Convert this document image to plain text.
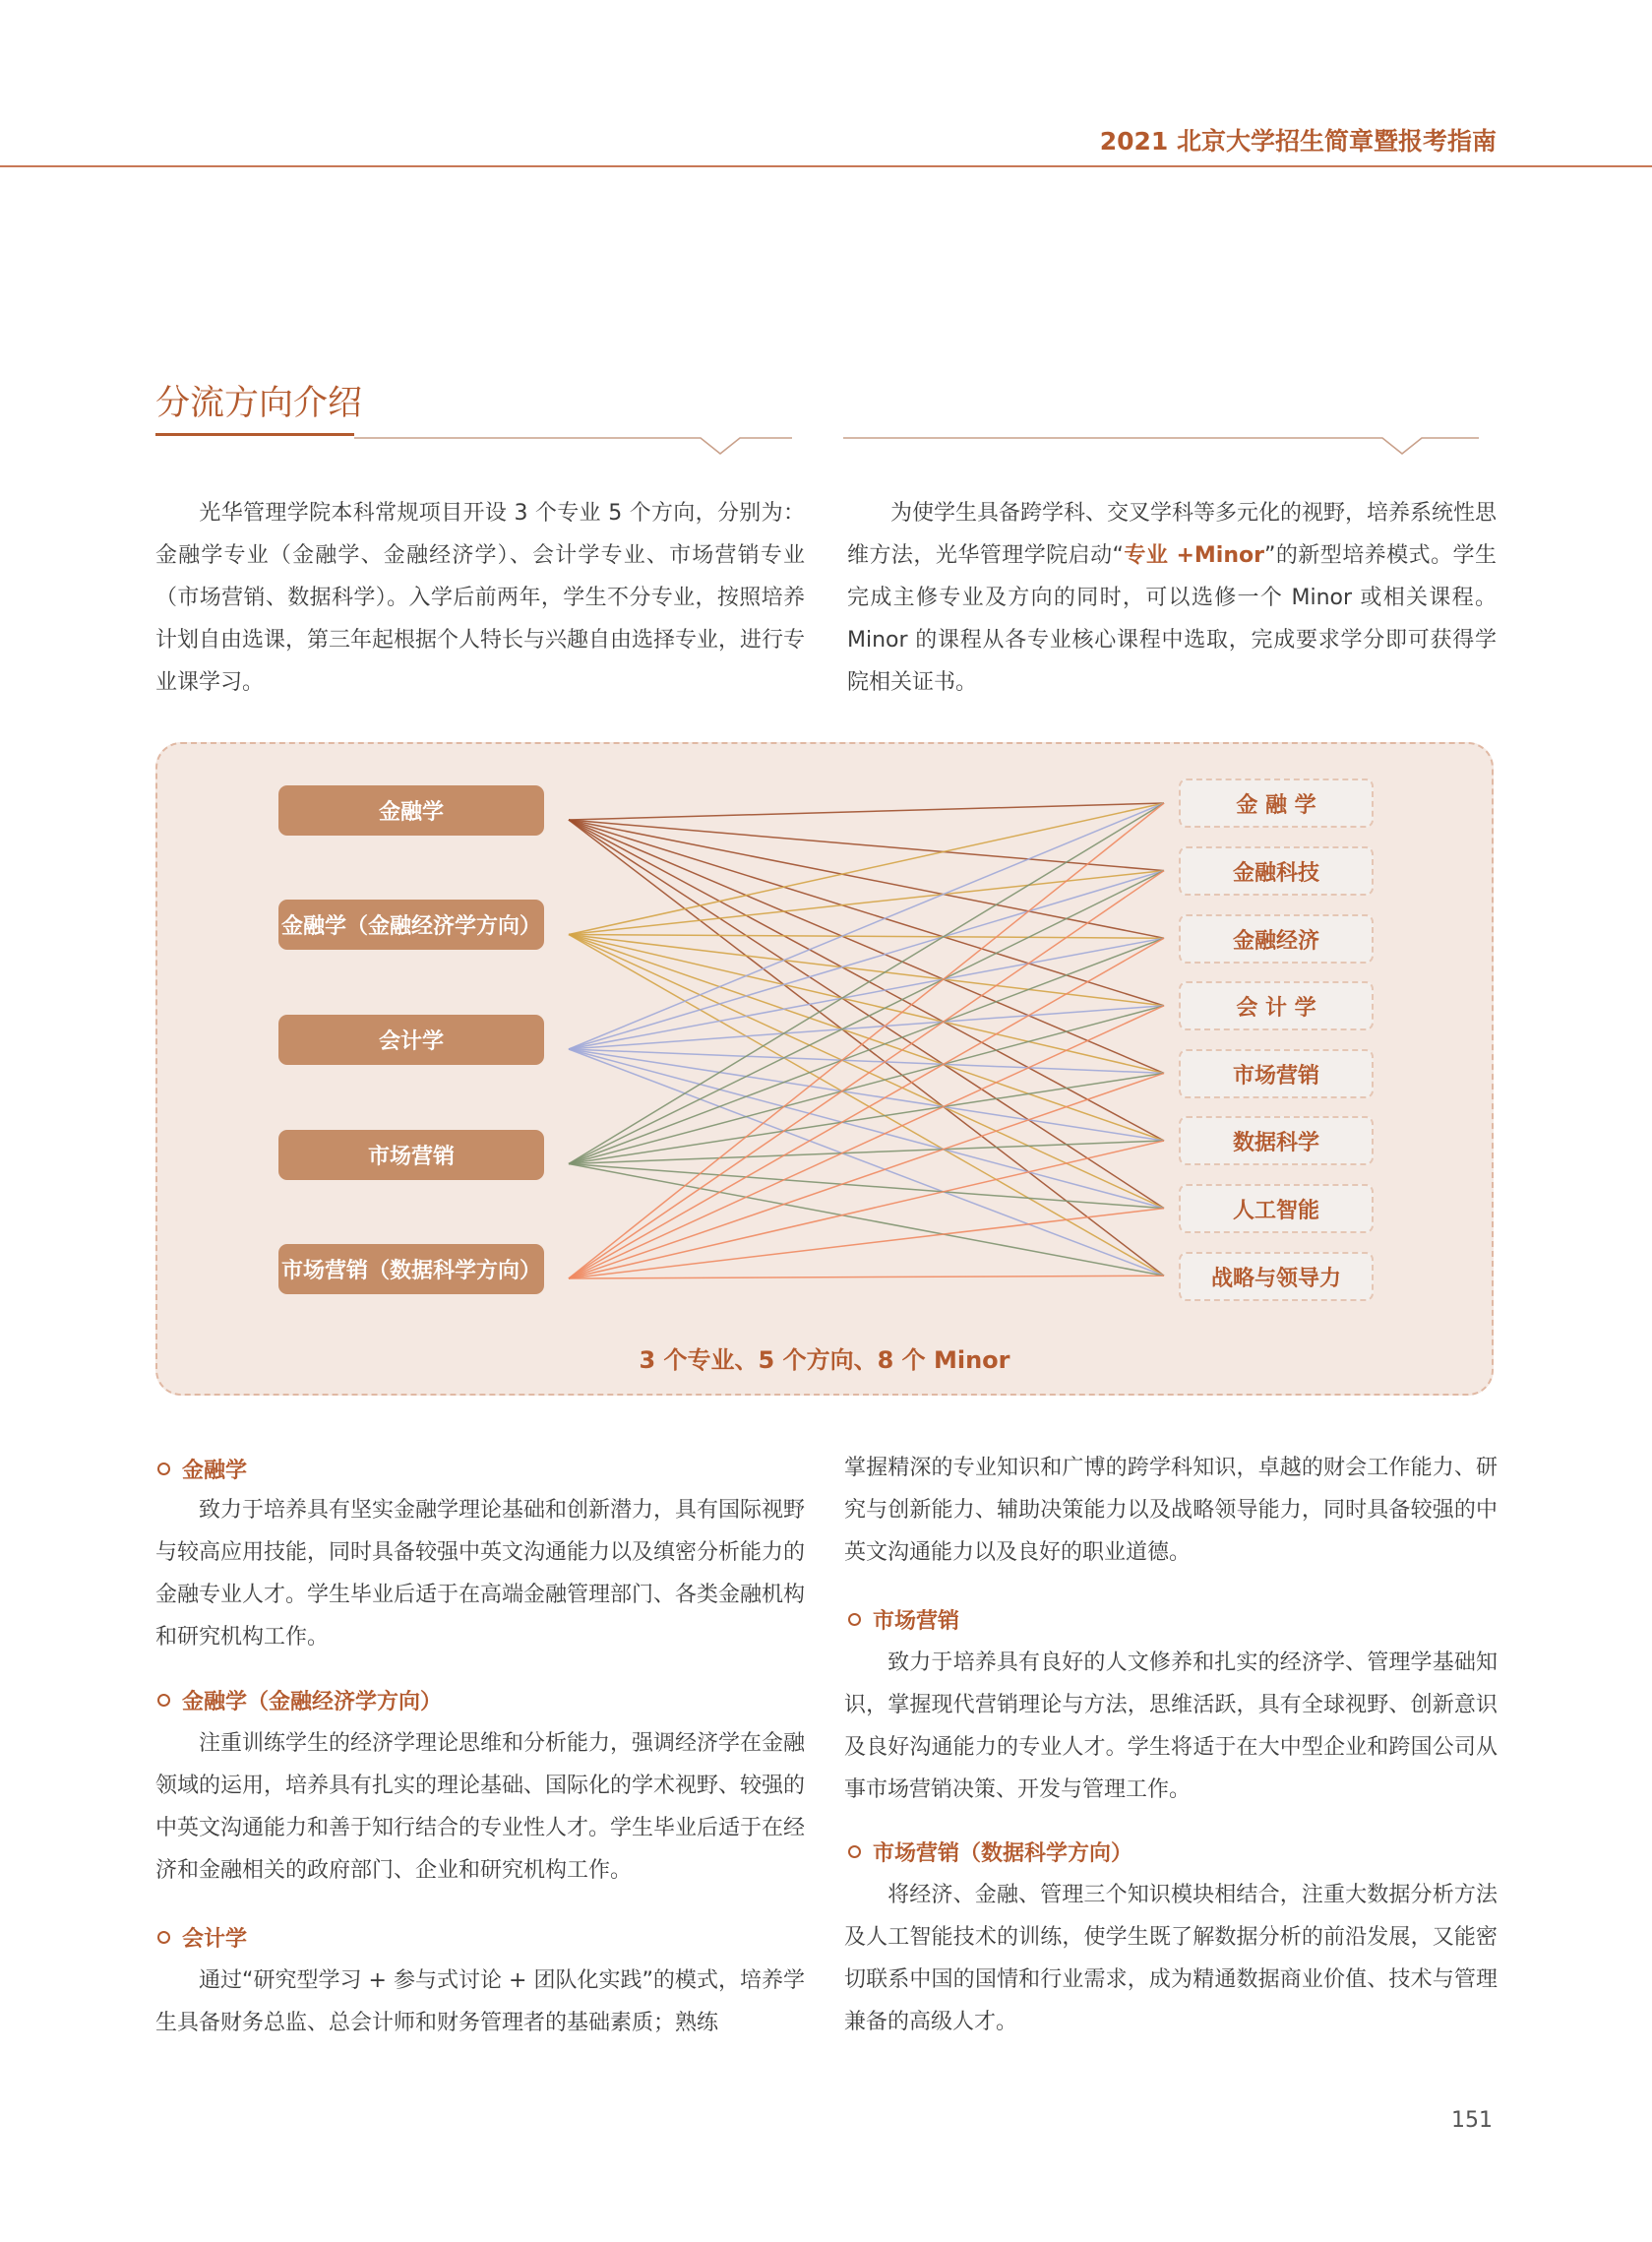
2021 北京大学招生简章暨报考指南
分流方向介绍
光华管理学院本科常规项目开设 3 个专业 5 个方向，分别为：金融学专业（金融学、金融经济学）、会计学专业、市场营销专业（市场营销、数据科学）。入学后前两年，学生不分专业，按照培养计划自由选课，第三年起根据个人特长与兴趣自由选择专业，进行专业课学习。
为使学生具备跨学科、交叉学科等多元化的视野，培养系统性思维方法，光华管理学院启动“专业 +Minor”的新型培养模式。学生完成主修专业及方向的同时，可以选修一个 Minor 或相关课程。Minor 的课程从各专业核心课程中选取，完成要求学分即可获得学院相关证书。
金融学
金融学（金融经济学方向）
会计学
市场营销
市场营销（数据科学方向）
金 融 学
金融科技
金融经济
会 计 学
市场营销
数据科学
人工智能
战略与领导力
3 个专业、5 个方向、8 个 Minor
金融学
致力于培养具有坚实金融学理论基础和创新潜力，具有国际视野与较高应用技能，同时具备较强中英文沟通能力以及缜密分析能力的金融专业人才。学生毕业后适于在高端金融管理部门、各类金融机构和研究机构工作。
金融学（金融经济学方向）
注重训练学生的经济学理论思维和分析能力，强调经济学在金融领域的运用，培养具有扎实的理论基础、国际化的学术视野、较强的中英文沟通能力和善于知行结合的专业性人才。学生毕业后适于在经济和金融相关的政府部门、企业和研究机构工作。
会计学
通过“研究型学习 + 参与式讨论 + 团队化实践”的模式，培养学生具备财务总监、总会计师和财务管理者的基础素质；熟练
掌握精深的专业知识和广博的跨学科知识，卓越的财会工作能力、研究与创新能力、辅助决策能力以及战略领导能力，同时具备较强的中英文沟通能力以及良好的职业道德。
市场营销
致力于培养具有良好的人文修养和扎实的经济学、管理学基础知识，掌握现代营销理论与方法，思维活跃，具有全球视野、创新意识及良好沟通能力的专业人才。学生将适于在大中型企业和跨国公司从事市场营销决策、开发与管理工作。
市场营销（数据科学方向）
将经济、金融、管理三个知识模块相结合，注重大数据分析方法及人工智能技术的训练，使学生既了解数据分析的前沿发展，又能密切联系中国的国情和行业需求，成为精通数据商业价值、技术与管理兼备的高级人才。
151
